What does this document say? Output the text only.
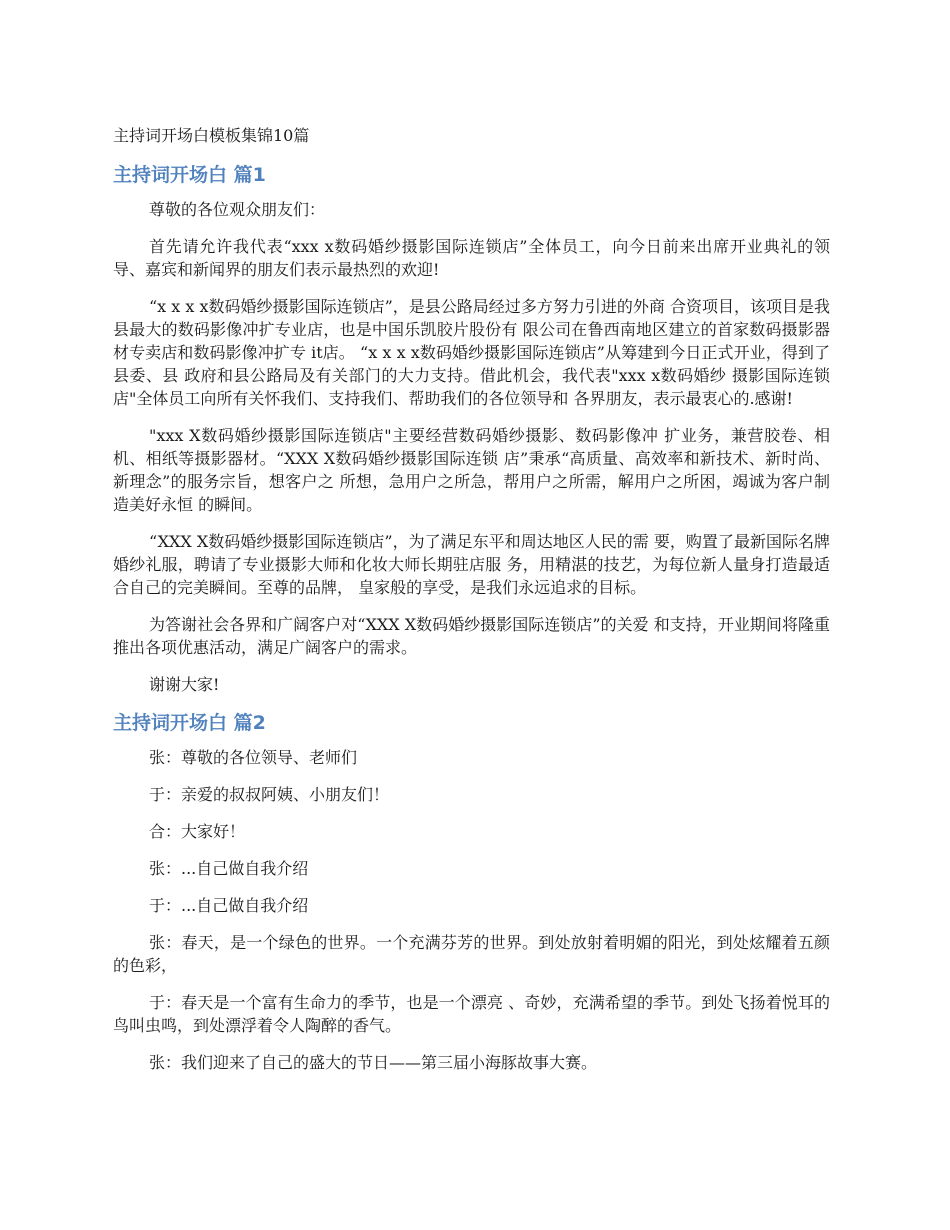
主持词开场白模板集锦10篇
主持词开场白 篇1

尊敬的各位观众朋友们：

首先请允许我代表“xxx x数码婚纱摄影国际连锁店”全体员工，向今日前来出席开业典礼的领导、嘉宾和新闻界的朋友们表示最热烈的欢迎!

“x x x x数码婚纱摄影国际连锁店”，是县公路局经过多方努力引进的外商 合资项目，该项目是我县最大的数码影像冲扩专业店，也是中国乐凯胶片股份有 限公司在鲁西南地区建立的首家数码摄影器材专卖店和数码影像冲扩专 it店。 “x x x x数码婚纱摄影国际连锁店”从筹建到今日正式开业，得到了县委、县 政府和县公路局及有关部门的大力支持。借此机会，我代表"xxx x数码婚纱 摄影国际连锁店"全体员工向所有关怀我们、支持我们、帮助我们的各位领导和 各界朋友，表示最衷心的.感谢!

"xxx X数码婚纱摄影国际连锁店"主要经营数码婚纱摄影、数码影像冲 扩业务，兼营胶卷、相机、相纸等摄影器材。“XXX X数码婚纱摄影国际连锁 店”秉承“高质量、高效率和新技术、新时尚、新理念”的服务宗旨，想客户之 所想，急用户之所急，帮用户之所需，解用户之所困，竭诚为客户制造美好永恒 的瞬间。

“XXX X数码婚纱摄影国际连锁店”，为了满足东平和周达地区人民的需 要，购置了最新国际名牌婚纱礼服，聘请了专业摄影大师和化妆大师长期驻店服 务，用精湛的技艺，为每位新人量身打造最适合自己的完美瞬间。至尊的品牌， 皇家般的享受，是我们永远追求的目标。

为答谢社会各界和广阔客户对“XXX X数码婚纱摄影国际连锁店”的关爱 和支持，开业期间将隆重推出各项优惠活动，满足广阔客户的需求。

谢谢大家!

主持词开场白 篇2

张：尊敬的各位领导、老师们

于：亲爱的叔叔阿姨、小朋友们！

合：大家好！

张：...自己做自我介绍

于：...自己做自我介绍

张：春天，是一个绿色的世界。一个充满芬芳的世界。到处放射着明媚的阳光，到处炫耀着五颜的色彩，

于：春天是一个富有生命力的季节，也是一个漂亮 、奇妙，充满希望的季节。到处飞扬着悦耳的鸟叫虫鸣，到处漂浮着令人陶醉的香气。

张：我们迎来了自己的盛大的节日——第三届小海豚故事大赛。
